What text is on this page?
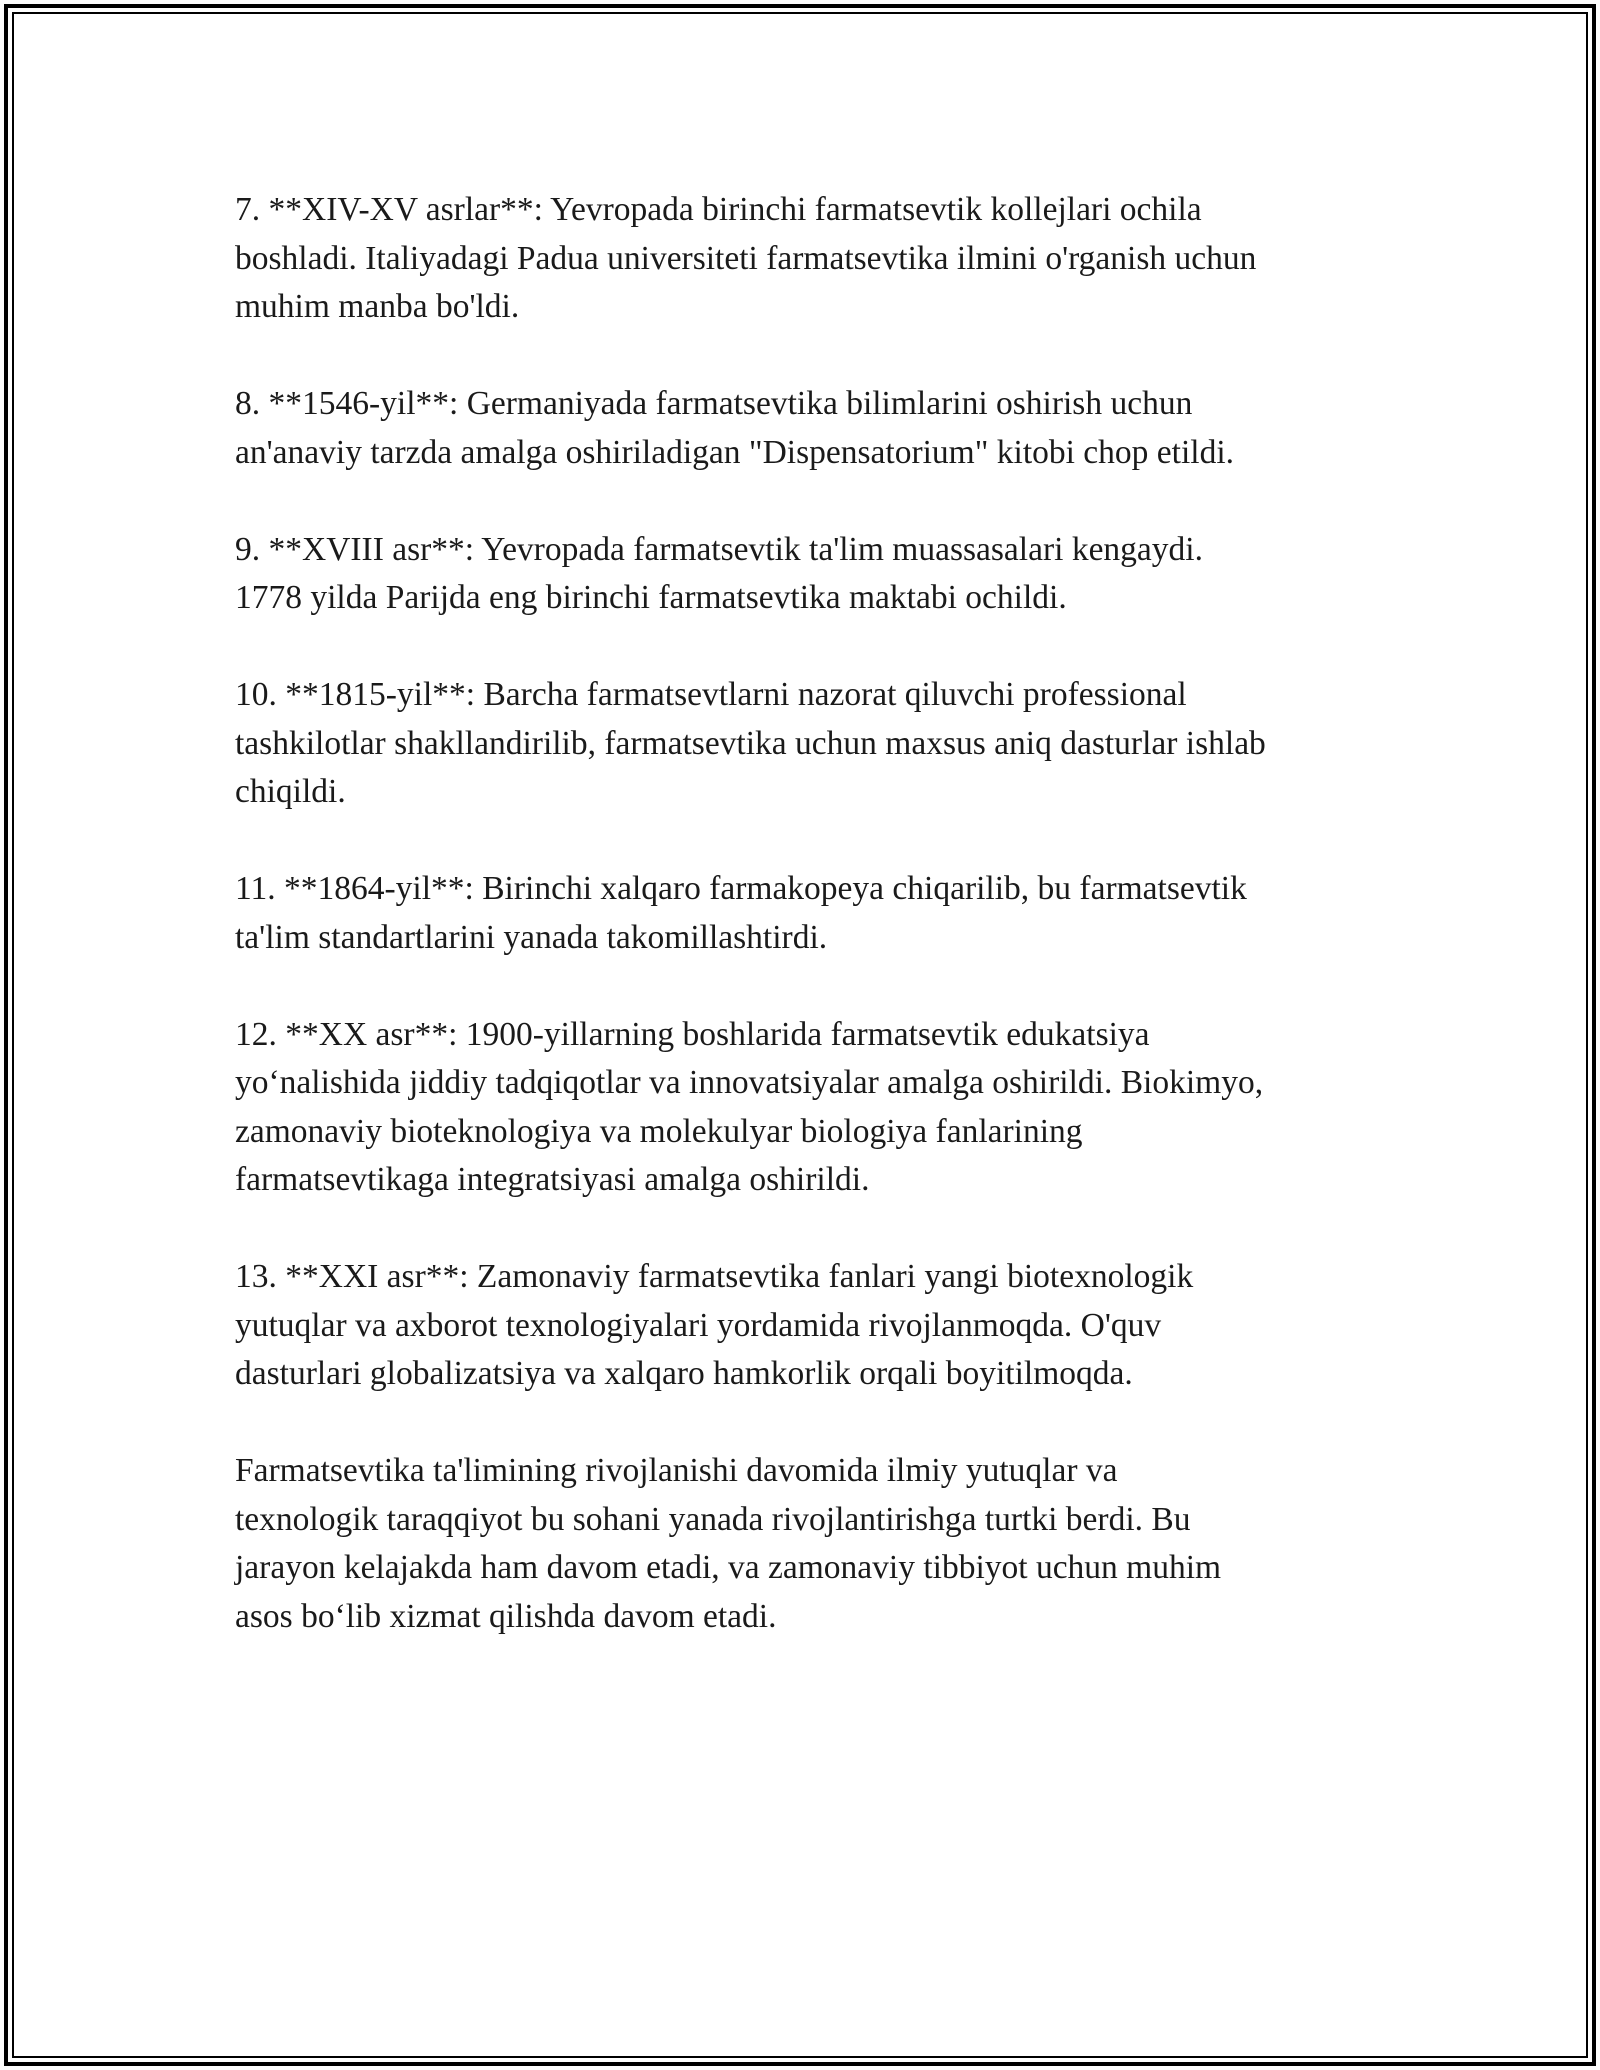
7. **XIV-XV asrlar**: Yevropada birinchi farmatsevtik kollejlari ochila
boshladi. Italiyadagi Padua universiteti farmatsevtika ilmini o'rganish uchun
muhim manba bo'ldi.

8. **1546-yil**: Germaniyada farmatsevtika bilimlarini oshirish uchun
an'anaviy tarzda amalga oshiriladigan "Dispensatorium" kitobi chop etildi.

9. **XVIII asr**: Yevropada farmatsevtik ta'lim muassasalari kengaydi.
1778 yilda Parijda eng birinchi farmatsevtika maktabi ochildi.

10. **1815-yil**: Barcha farmatsevtlarni nazorat qiluvchi professional
tashkilotlar shakllandirilib, farmatsevtika uchun maxsus aniq dasturlar ishlab
chiqildi.

11. **1864-yil**: Birinchi xalqaro farmakopeya chiqarilib, bu farmatsevtik
ta'lim standartlarini yanada takomillashtirdi.

12. **XX asr**: 1900-yillarning boshlarida farmatsevtik edukatsiya
yo‘nalishida jiddiy tadqiqotlar va innovatsiyalar amalga oshirildi. Biokimyo,
zamonaviy bioteknologiya va molekulyar biologiya fanlarining
farmatsevtikaga integratsiyasi amalga oshirildi.

13. **XXI asr**: Zamonaviy farmatsevtika fanlari yangi biotexnologik
yutuqlar va axborot texnologiyalari yordamida rivojlanmoqda. O'quv
dasturlari globalizatsiya va xalqaro hamkorlik orqali boyitilmoqda.

Farmatsevtika ta'limining rivojlanishi davomida ilmiy yutuqlar va
texnologik taraqqiyot bu sohani yanada rivojlantirishga turtki berdi. Bu
jarayon kelajakda ham davom etadi, va zamonaviy tibbiyot uchun muhim
asos bo‘lib xizmat qilishda davom etadi.
